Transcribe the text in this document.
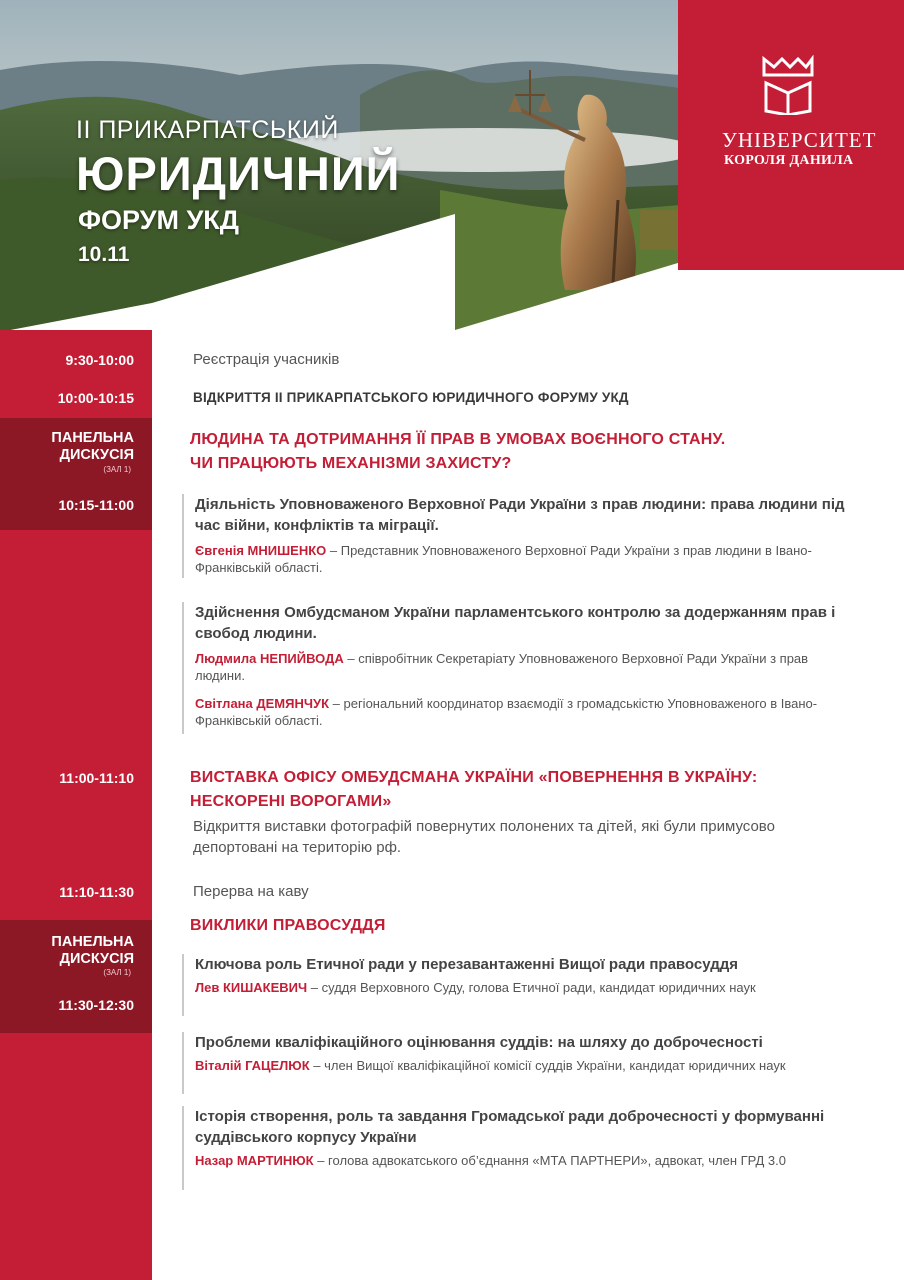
УНІВЕРСИТЕТ
КОРОЛЯ ДАНИЛА
II ПРИКАРПАТСЬКИЙ
ЮРИДИЧНИЙ
ФОРУМ УКД
10.11
9:30-10:00
10:00-10:15
ПАНЕЛЬНА
ДИСКУСІЯ
(ЗАЛ 1)
10:15-11:00
11:00-11:10
11:10-11:30
ПАНЕЛЬНА
ДИСКУСІЯ
(ЗАЛ 1)
11:30-12:30
Реєстрація учасників
ВІДКРИТТЯ II ПРИКАРПАТСЬКОГО ЮРИДИЧНОГО ФОРУМУ УКД
ЛЮДИНА ТА ДОТРИМАННЯ ЇЇ ПРАВ В УМОВАХ ВОЄННОГО СТАНУ.
ЧИ ПРАЦЮЮТЬ МЕХАНІЗМИ ЗАХИСТУ?
Діяльність Уповноваженого Верховної Ради України з прав людини: права людини під час війни, конфліктів та міграції.
Євгенія МНИШЕНКО – Представник Уповноваженого Верховної Ради України з прав людини в Івано-Франківській області.
Здійснення Омбудсманом України парламентського контролю за додержанням прав і свобод людини.
Людмила НЕПИЙВОДА – співробітник Секретаріату Уповноваженого Верховної Ради України з прав людини.
Світлана ДЕМЯНЧУК – регіональний координатор взаємодії з громадськістю Уповноваженого в Івано-Франківській області.
ВИСТАВКА ОФІСУ ОМБУДСМАНА УКРАЇНИ «ПОВЕРНЕННЯ В УКРАЇНУ:
НЕСКОРЕНІ ВОРОГАМИ»
Відкриття виставки фотографій повернутих полонених та дітей, які були примусово депортовані на територію рф.
Перерва на каву
ВИКЛИКИ ПРАВОСУДДЯ
Ключова роль Етичної ради у перезавантаженні Вищої ради правосуддя
Лев КИШАКЕВИЧ – суддя Верховного Суду, голова Етичної ради, кандидат юридичних наук
Проблеми кваліфікаційного оцінювання суддів: на шляху до доброчесності
Віталій ГАЦЕЛЮК – член Вищої кваліфікаційної комісії суддів України, кандидат юридичних наук
Історія створення, роль та завдання Громадської ради доброчесності у формуванні суддівського корпусу України
Назар МАРТИНЮК – голова адвокатського об’єднання «МТА ПАРТНЕРИ», адвокат, член ГРД 3.0
